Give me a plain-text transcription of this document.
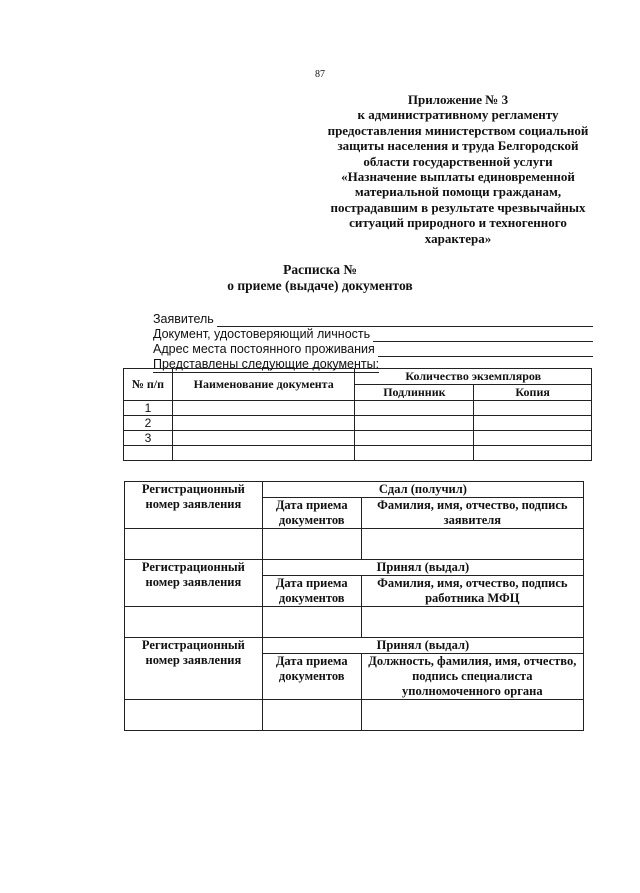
87
Приложение № 3
к административному регламенту
предоставления министерством социальной
защиты населения и труда Белгородской
области государственной услуги
«Назначение выплаты единовременной
материальной помощи гражданам,
пострадавшим в результате чрезвычайных
ситуаций природного и техногенного
характера»
Расписка №
о приеме (выдаче) документов
Заявитель
Документ, удостоверяющий личность
Адрес места постоянного проживания
Представлены следующие документы:
№ п/п	Наименование документа	Количество экземпляров	
		Подлинник	Копия
1			
2			
3			

Регистрационный номер заявления	Сдал (получил)	
	Дата приема документов	Фамилия, имя, отчество, подпись заявителя

Регистрационный номер заявления	Принял (выдал)	
	Дата приема документов	Фамилия, имя, отчество, подпись работника МФЦ

Регистрационный номер заявления	Принял (выдал)	
	Дата приема документов	Должность, фамилия, имя, отчество, подпись специалиста уполномоченного органа
